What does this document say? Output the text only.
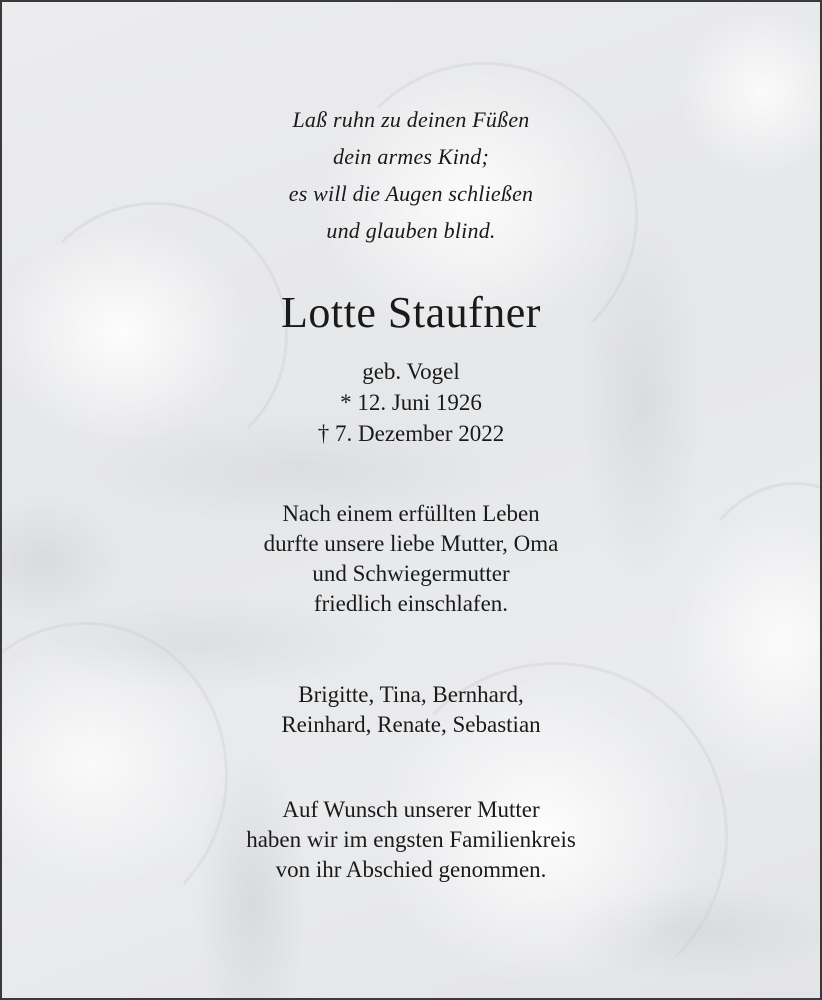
Laß ruhn zu deinen Füßen
dein armes Kind;
es will die Augen schließen
und glauben blind.
Lotte Staufner
geb. Vogel
* 12. Juni 1926
† 7. Dezember 2022
Nach einem erfüllten Leben
durfte unsere liebe Mutter, Oma
und Schwiegermutter
friedlich einschlafen.
Brigitte, Tina, Bernhard,
Reinhard, Renate, Sebastian
Auf Wunsch unserer Mutter
haben wir im engsten Familienkreis
von ihr Abschied genommen.
